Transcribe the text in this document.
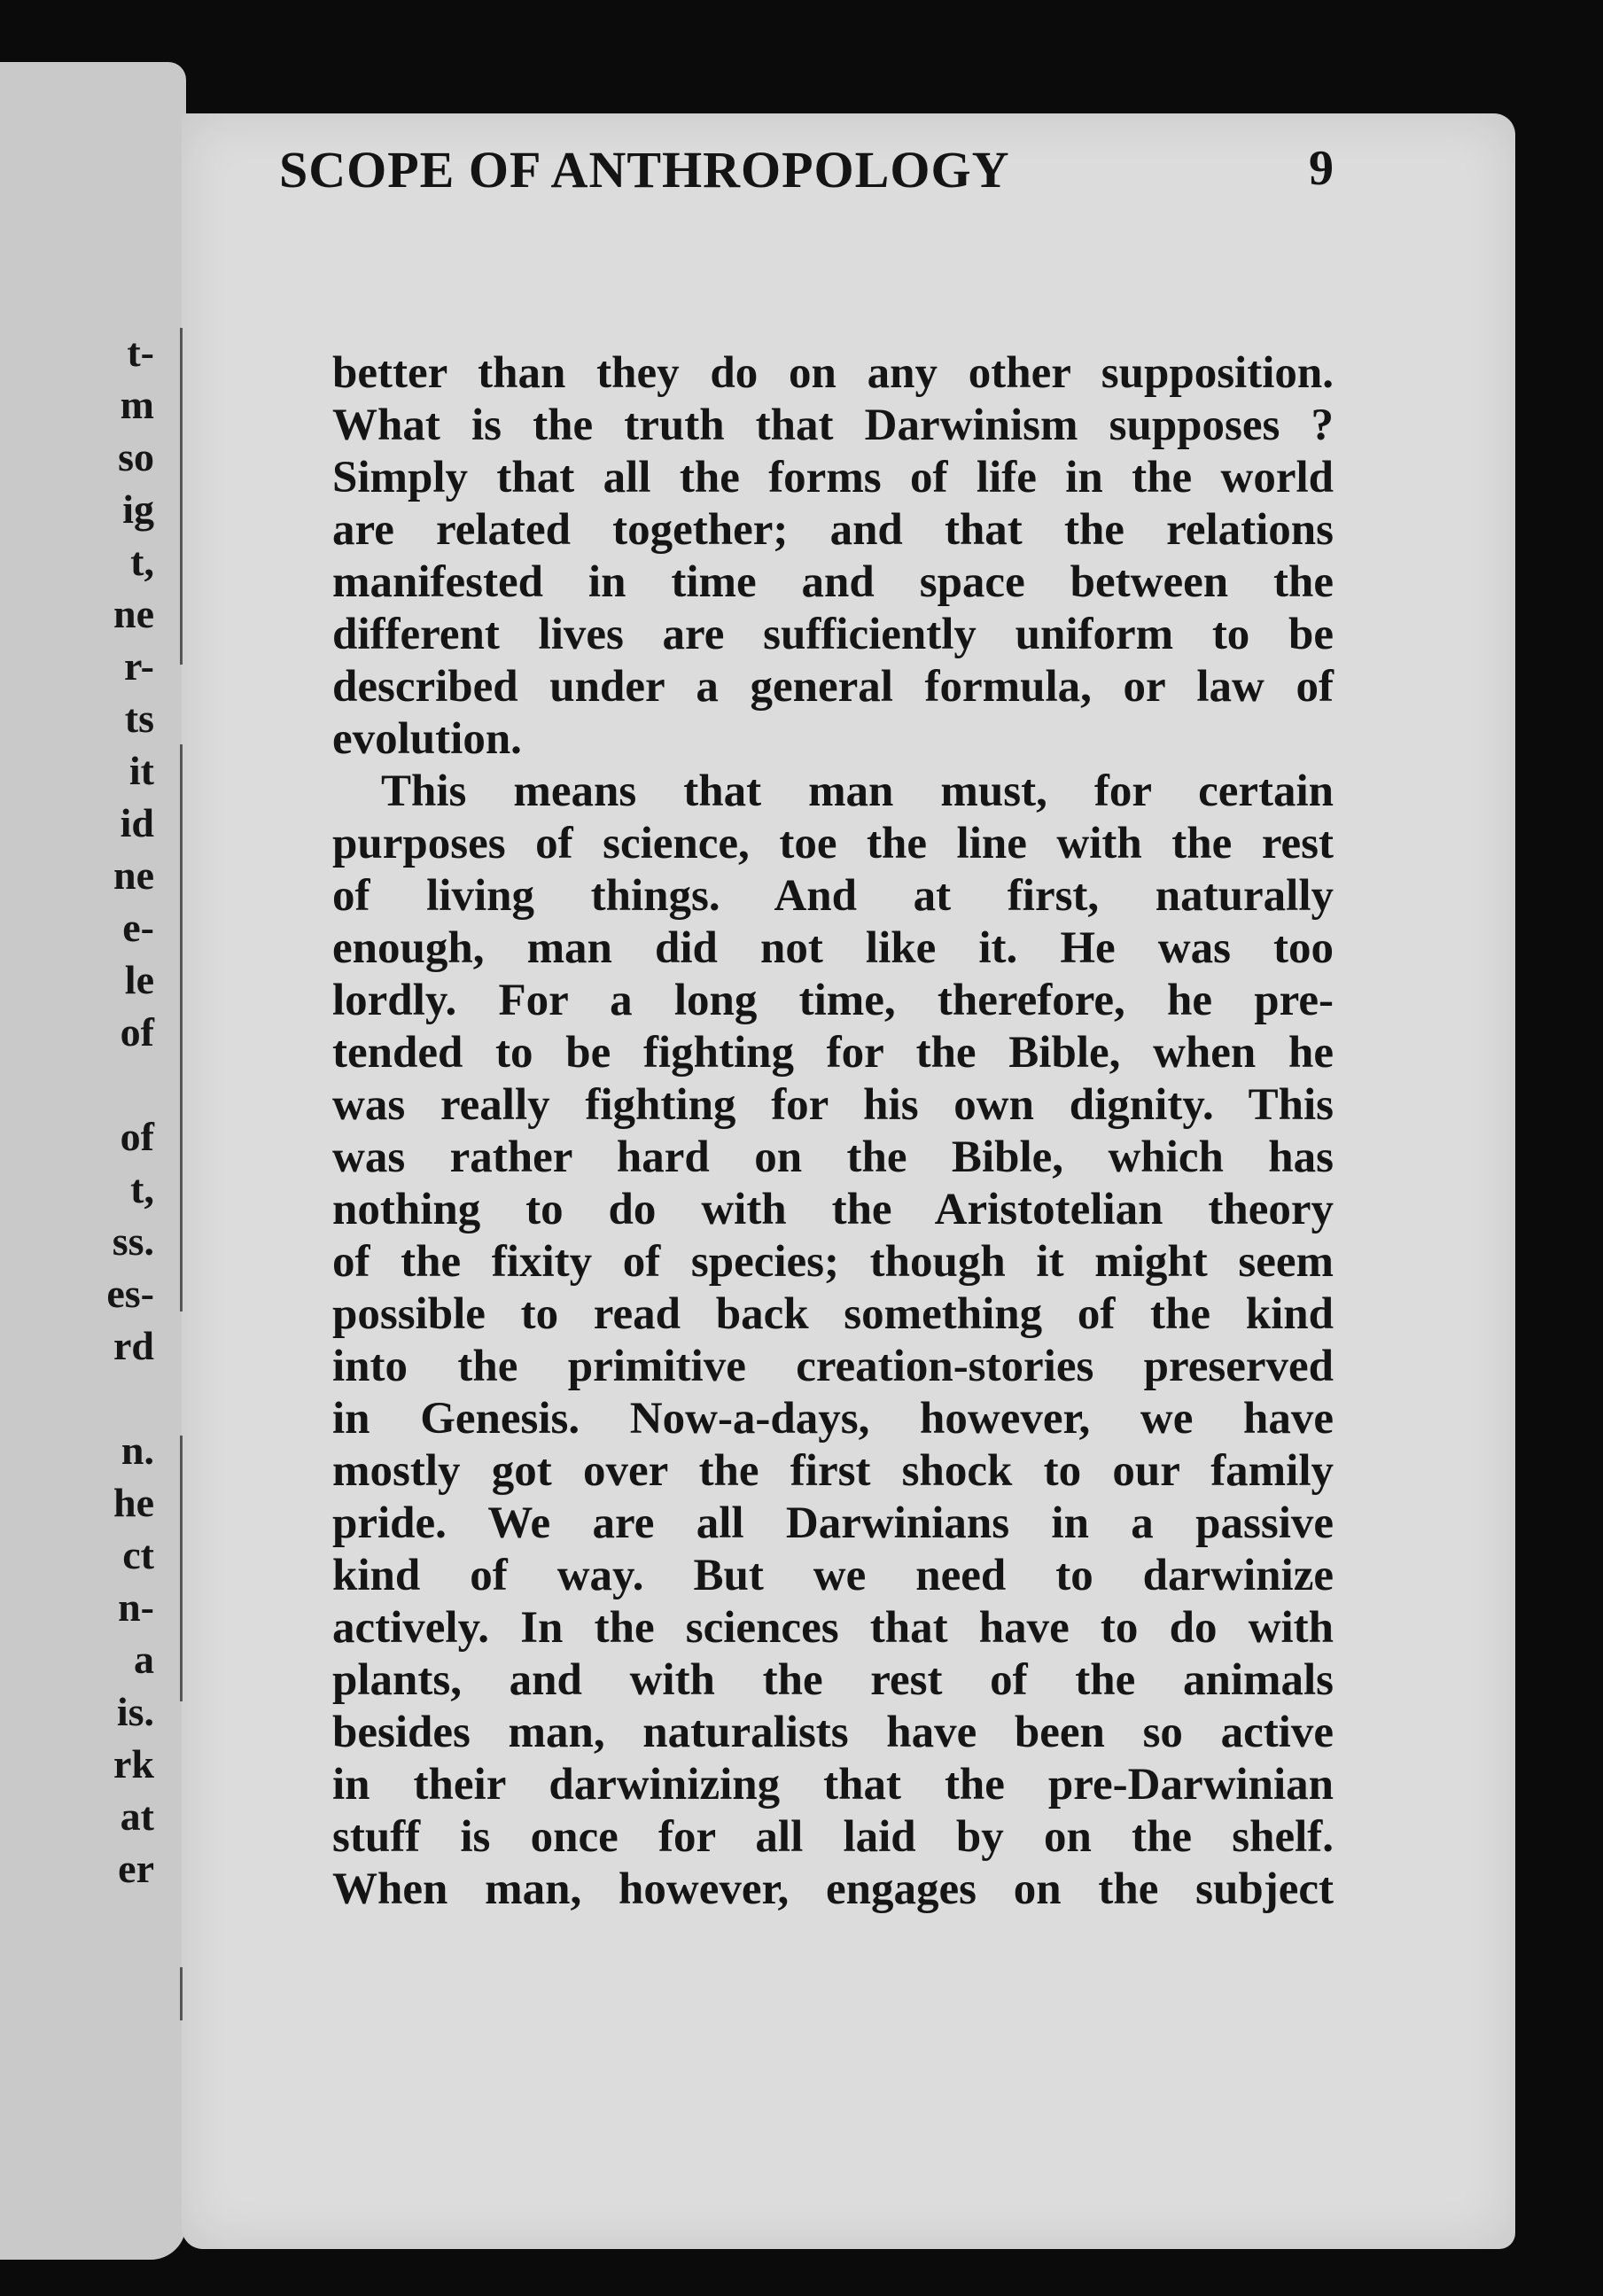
t-
m
so
ig
t,
ne
r-
ts
it
id
ne
e-
le
of
of
t,
ss.
es-
rd
n.
he
ct
n-
a
is.
rk
at
er
SCOPE OF ANTHROPOLOGY	9
better than they do on any other supposition.
What is the truth that Darwinism supposes ?
Simply that all the forms of life in the world
are related together; and that the relations
manifested in time and space between the
different lives are sufficiently uniform to be
described under a general formula, or law of
evolution.
This means that man must, for certain
purposes of science, toe the line with the rest
of living things. And at first, naturally
enough, man did not like it. He was too
lordly. For a long time, therefore, he pre-
tended to be fighting for the Bible, when he
was really fighting for his own dignity. This
was rather hard on the Bible, which has
nothing to do with the Aristotelian theory
of the fixity of species; though it might seem
possible to read back something of the kind
into the primitive creation-stories preserved
in Genesis. Now-a-days, however, we have
mostly got over the first shock to our family
pride. We are all Darwinians in a passive
kind of way. But we need to darwinize
actively. In the sciences that have to do with
plants, and with the rest of the animals
besides man, naturalists have been so active
in their darwinizing that the pre-Darwinian
stuff is once for all laid by on the shelf.
When man, however, engages on the subject
